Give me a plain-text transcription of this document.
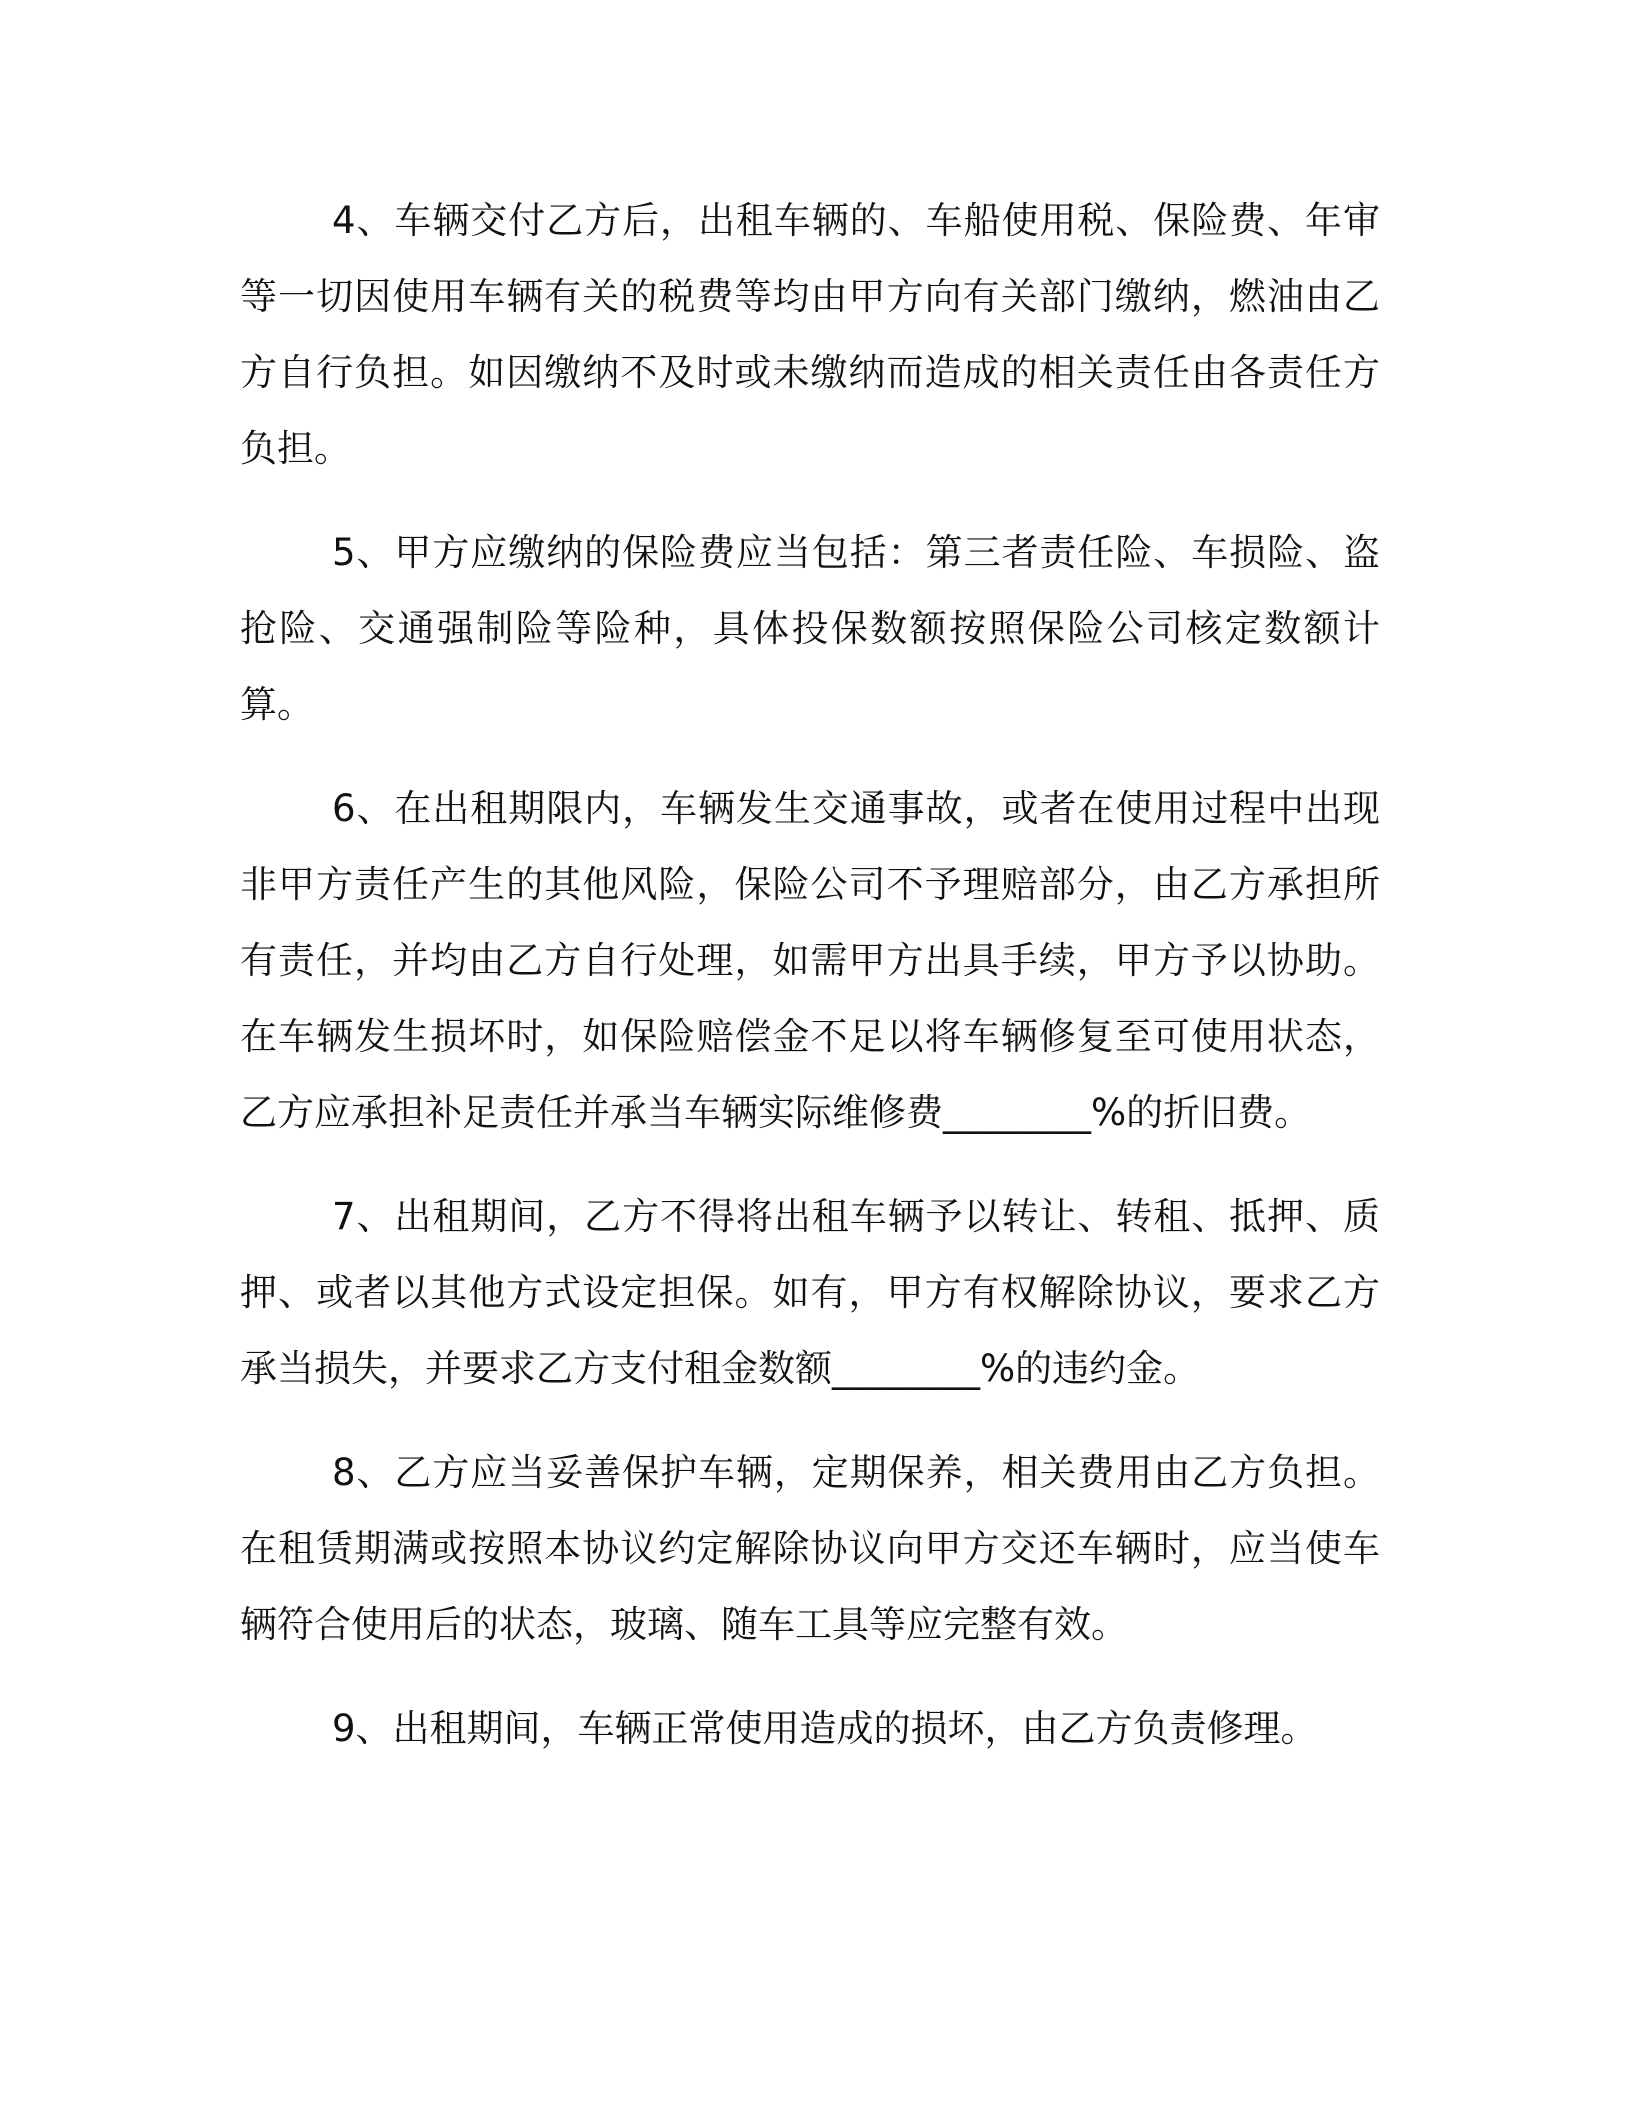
4、车辆交付乙方后，出租车辆的、车船使用税、保险费、年审等一切因使用车辆有关的税费等均由甲方向有关部门缴纳，燃油由乙方自行负担。如因缴纳不及时或未缴纳而造成的相关责任由各责任方负担。

5、甲方应缴纳的保险费应当包括：第三者责任险、车损险、盗抢险、交通强制险等险种，具体投保数额按照保险公司核定数额计算。

6、在出租期限内，车辆发生交通事故，或者在使用过程中出现非甲方责任产生的其他风险，保险公司不予理赔部分，由乙方承担所有责任，并均由乙方自行处理，如需甲方出具手续，甲方予以协助。在车辆发生损坏时，如保险赔偿金不足以将车辆修复至可使用状态，乙方应承担补足责任并承当车辆实际维修费________%的折旧费。

7、出租期间，乙方不得将出租车辆予以转让、转租、抵押、质押、或者以其他方式设定担保。如有，甲方有权解除协议，要求乙方承当损失，并要求乙方支付租金数额________%的违约金。

8、乙方应当妥善保护车辆，定期保养，相关费用由乙方负担。在租赁期满或按照本协议约定解除协议向甲方交还车辆时，应当使车辆符合使用后的状态，玻璃、随车工具等应完整有效。

9、出租期间，车辆正常使用造成的损坏，由乙方负责修理。
